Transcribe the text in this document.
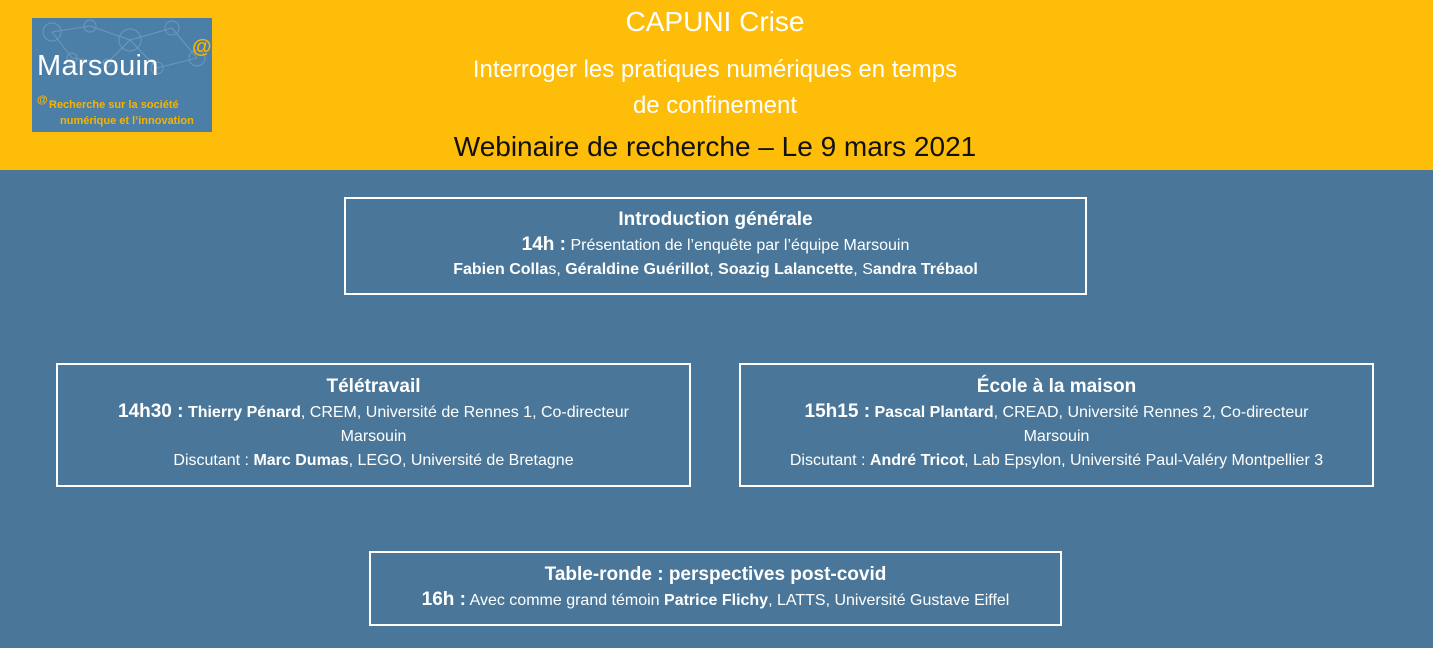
Marsouin
@
@ Recherche sur la société
numérique et l’innovation
CAPUNI Crise
Interroger les pratiques numériques en temps
de confinement
Webinaire de recherche – Le 9 mars 2021
Introduction générale
14h : Présentation de l’enquête par l’équipe Marsouin
Fabien Collas, Géraldine Guérillot, Soazig Lalancette, Sandra Trébaol
Télétravail
14h30 : Thierry Pénard, CREM, Université de Rennes 1, Co-directeur
Marsouin
Discutant : Marc Dumas, LEGO, Université de Bretagne
École à la maison
15h15 : Pascal Plantard, CREAD, Université Rennes 2, Co-directeur
Marsouin
Discutant : André Tricot, Lab Epsylon, Université Paul-Valéry Montpellier 3
Table-ronde : perspectives post-covid
16h : Avec comme grand témoin Patrice Flichy, LATTS, Université Gustave Eiffel
